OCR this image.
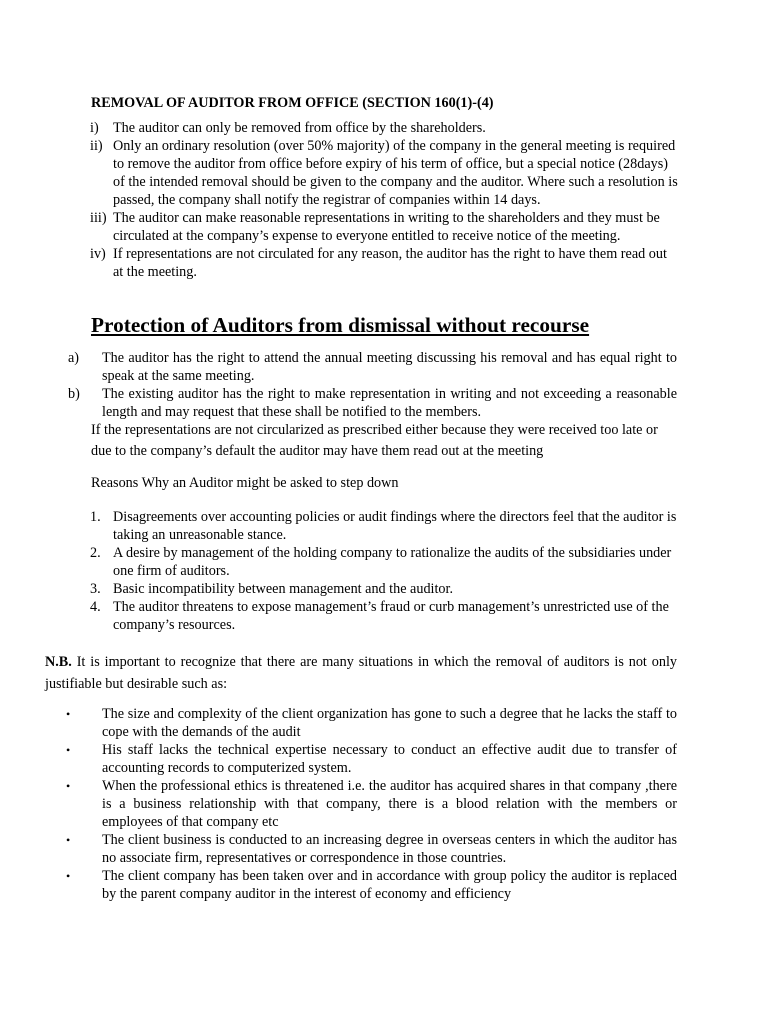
REMOVAL OF AUDITOR FROM OFFICE (SECTION 160(1)-(4)
i) The auditor can only be removed from office by the shareholders.
ii) Only an ordinary resolution (over 50% majority) of the company in the general meeting is required to remove the auditor from office before expiry of his term of office, but a special notice (28days) of the intended removal should be given to the company and the auditor. Where such a resolution is passed, the company shall notify the registrar of companies within 14 days.
iii) The auditor can make reasonable representations in writing to the shareholders and they must be circulated at the company’s expense to everyone entitled to receive notice of the meeting.
iv) If representations are not circulated for any reason, the auditor has the right to have them read out at the meeting.
Protection of Auditors from dismissal without recourse
a) The auditor has the right to attend the annual meeting discussing his removal and has equal right to speak at the same meeting.
b) The existing auditor has the right to make representation in writing and not exceeding a reasonable length and may request that these shall be notified to the members.

If the representations are not circularized as prescribed either because they were received too late or due to the company’s default the auditor may have them read out at the meeting

Reasons Why an Auditor might be asked to step down

1. Disagreements over accounting policies or audit findings where the directors feel that the auditor is taking an unreasonable stance.
2. A desire by management of the holding company to rationalize the audits of the subsidiaries under one firm of auditors.
3. Basic incompatibility between management and the auditor.
4. The auditor threatens to expose management’s fraud or curb management’s unrestricted use of the company’s resources.

N.B. It is important to recognize that there are many situations in which the removal of auditors is not only justifiable but desirable such as:

• The size and complexity of the client organization has gone to such a degree that he lacks the staff to cope with the demands of the audit
• His staff lacks the technical expertise necessary to conduct an effective audit due to transfer of accounting records to computerized system.
• When the professional ethics is threatened i.e. the auditor has acquired shares in that company ,there is a business relationship with that company, there is a blood relation with the members or employees of that company etc
• The client business is conducted to an increasing degree in overseas centers in which the auditor has no associate firm, representatives or correspondence in those countries.
• The client company has been taken over and in accordance with group policy the auditor is replaced by the parent company auditor in the interest of economy and efficiency
